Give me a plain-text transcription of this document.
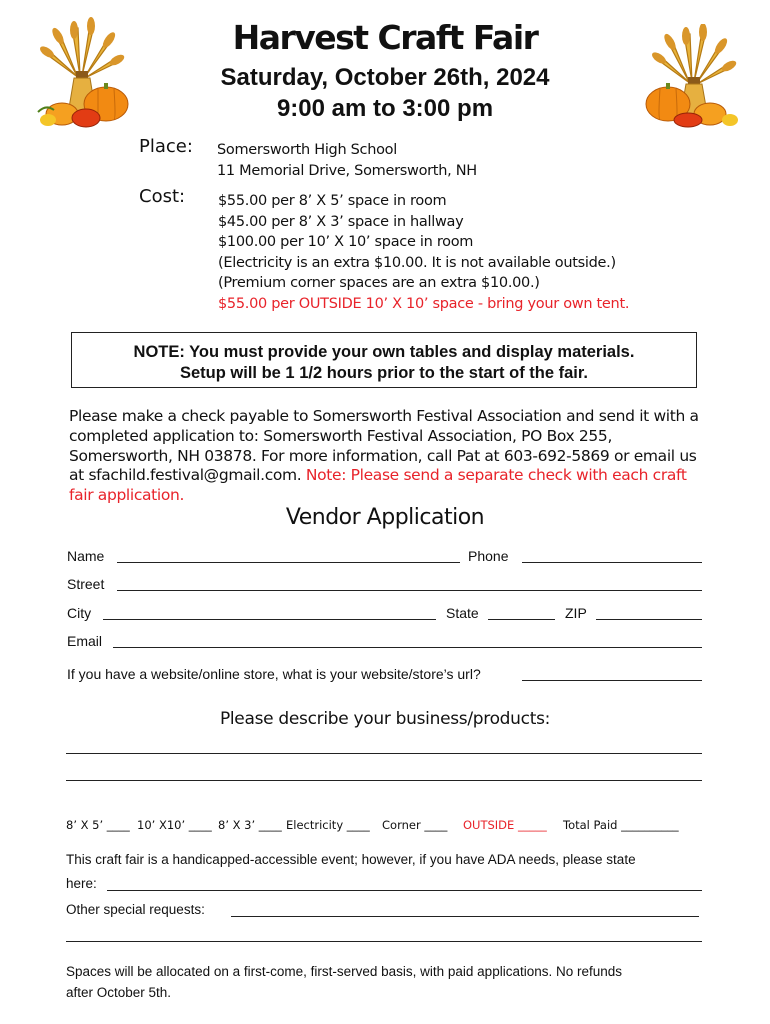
Harvest Craft Fair
Saturday, October 26th, 2024
9:00 am to 3:00 pm
Place: Somersworth High School
11 Memorial Drive, Somersworth, NH
Cost: $55.00 per 8’ X 5’ space in room
$45.00 per 8’ X 3’ space in hallway
$100.00 per 10’ X 10’ space in room
(Electricity is an extra $10.00. It is not available outside.)
(Premium corner spaces are an extra $10.00.)
$55.00 per OUTSIDE 10’ X 10’ space - bring your own tent.
NOTE: You must provide your own tables and display materials.
Setup will be 1 1/2 hours prior to the start of the fair.
Please make a check payable to Somersworth Festival Association and send it with a completed application to: Somersworth Festival Association, PO Box 255, Somersworth, NH 03878. For more information, call Pat at 603-692-5869 or email us at sfachild.festival@gmail.com. Note: Please send a separate check with each craft fair application.
Vendor Application
Name	Phone
Street
City	State	ZIP
Email
If you have a website/online store, what is your website/store’s url?
Please describe your business/products:
8’ X 5’ ____ 10’ X10’ ____ 8’ X 3’ ____ Electricity ____ Corner ____ OUTSIDE _____ Total Paid __________
This craft fair is a handicapped-accessible event; however, if you have ADA needs, please state
here:
Other special requests:
Spaces will be allocated on a first-come, first-served basis, with paid applications. No refunds
after October 5th.
